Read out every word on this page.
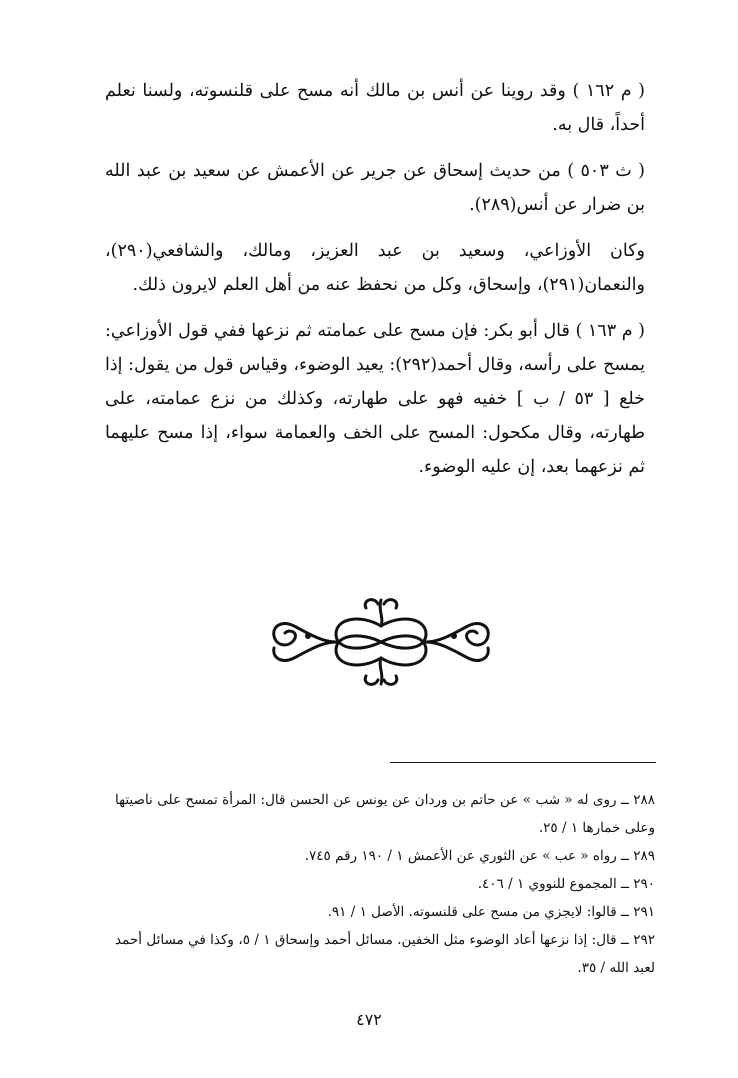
( م ١٦٢ ) وقد روينا عن أنس بن مالك أنه مسح على قلنسوته، ولسنا نعلم أحداً، قال به.

( ث ٥٠٣ ) من حديث إسحاق عن جرير عن الأعمش عن سعيد بن عبد الله بن ضرار عن أنس(٢٨٩).

وكان الأوزاعي، وسعيد بن عبد العزيز، ومالك، والشافعي(٢٩٠)، والنعمان(٢٩١)، وإسحاق، وكل من نحفظ عنه من أهل العلم لايرون ذلك.

( م ١٦٣ ) قال أبو بكر: فإن مسح على عمامته ثم نزعها ففي قول الأوزاعي: يمسح على رأسه، وقال أحمد(٢٩٢): يعيد الوضوء، وقياس قول من يقول: إذا خلع [ ٥٣ / ب ] خفيه فهو على طهارته، وكذلك من نزع عمامته، على طهارته، وقال مكحول: المسح على الخف والعمامة سواء، إذا مسح عليهما ثم نزعهما بعد، إن عليه الوضوء.

٢٨٨ ــ روى له « شب » عن حاتم بن وردان عن يونس عن الحسن قال: المرأة تمسح على ناصيتها وعلى خمارها ١ / ٢٥.

٢٨٩ ــ رواه « عب » عن الثوري عن الأعمش ١ / ١٩٠ رقم ٧٤٥.

٢٩٠ ــ المجموع للنووي ١ / ٤٠٦.

٢٩١ ــ قالوا: لايجزي من مسح على قلنسوته. الأصل ١ / ٩١.

٢٩٢ ــ قال: إذا نزعها أعاد الوضوء مثل الخفين. مسائل أحمد وإسحاق ١ / ٥، وكذا في مسائل أحمد لعبد الله / ٣٥.

٤٧٢
